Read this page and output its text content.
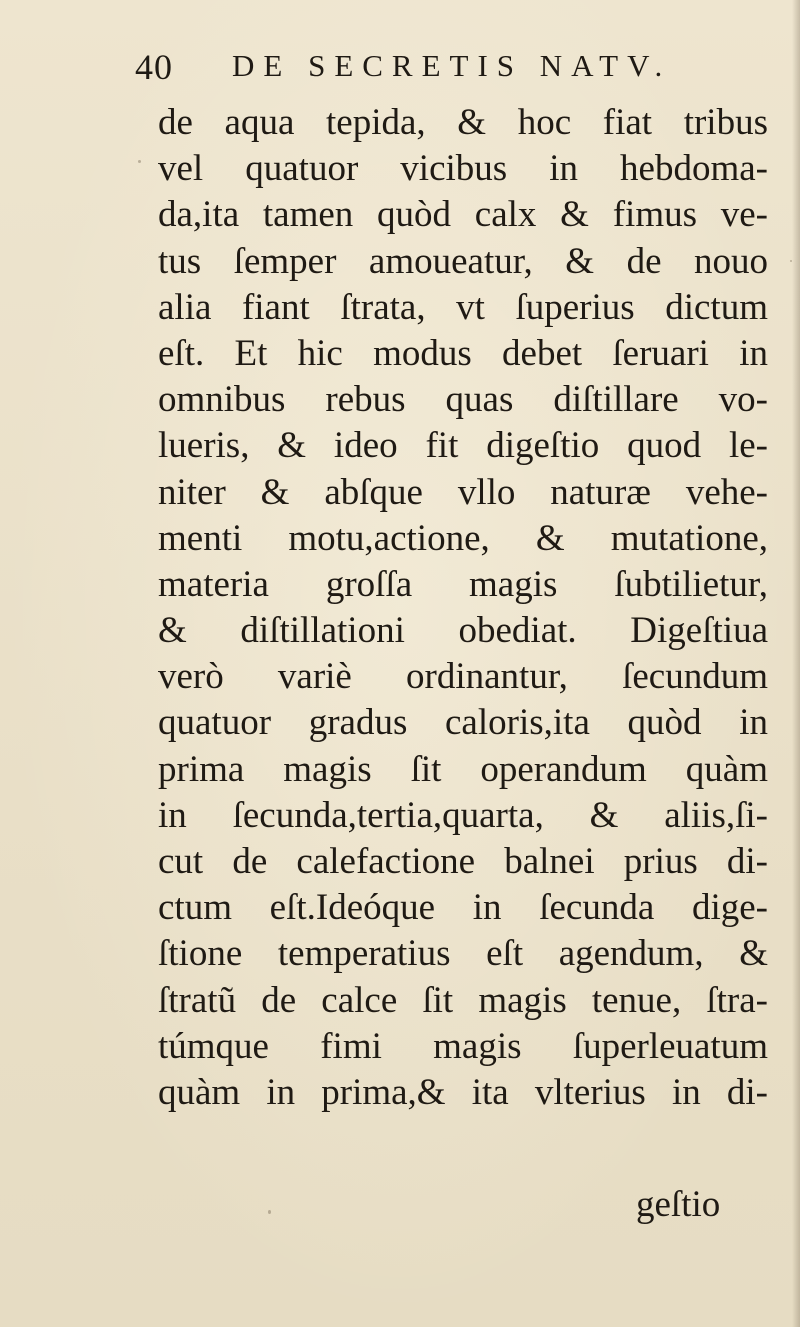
40 DE SECRETIS NATV.
de aqua tepida, & hoc fiat tribus
vel quatuor vicibus in hebdoma-
da,ita tamen quòd calx & fimus ve-
tus ſemper amoueatur, & de nouo
alia fiant ſtrata, vt ſuperius dictum
eſt. Et hic modus debet ſeruari in
omnibus rebus quas diſtillare vo-
lueris, & ideo fit digeſtio quod le-
niter & abſque vllo naturæ vehe-
menti motu,actione, & mutatione,
materia groſſa magis ſubtilietur,
& diſtillationi obediat. Digeſtiua
verò variè ordinantur, ſecundum
quatuor gradus caloris,ita quòd in
prima magis ſit operandum quàm
in ſecunda,tertia,quarta, & aliis,ſi-
cut de calefactione balnei prius di-
ctum eſt.Ideóque in ſecunda dige-
ſtione temperatius eſt agendum, &
ſtratũ de calce ſit magis tenue, ſtra-
túmque fimi magis ſuperleuatum
quàm in prima,& ita vlterius in di-
geſtio
